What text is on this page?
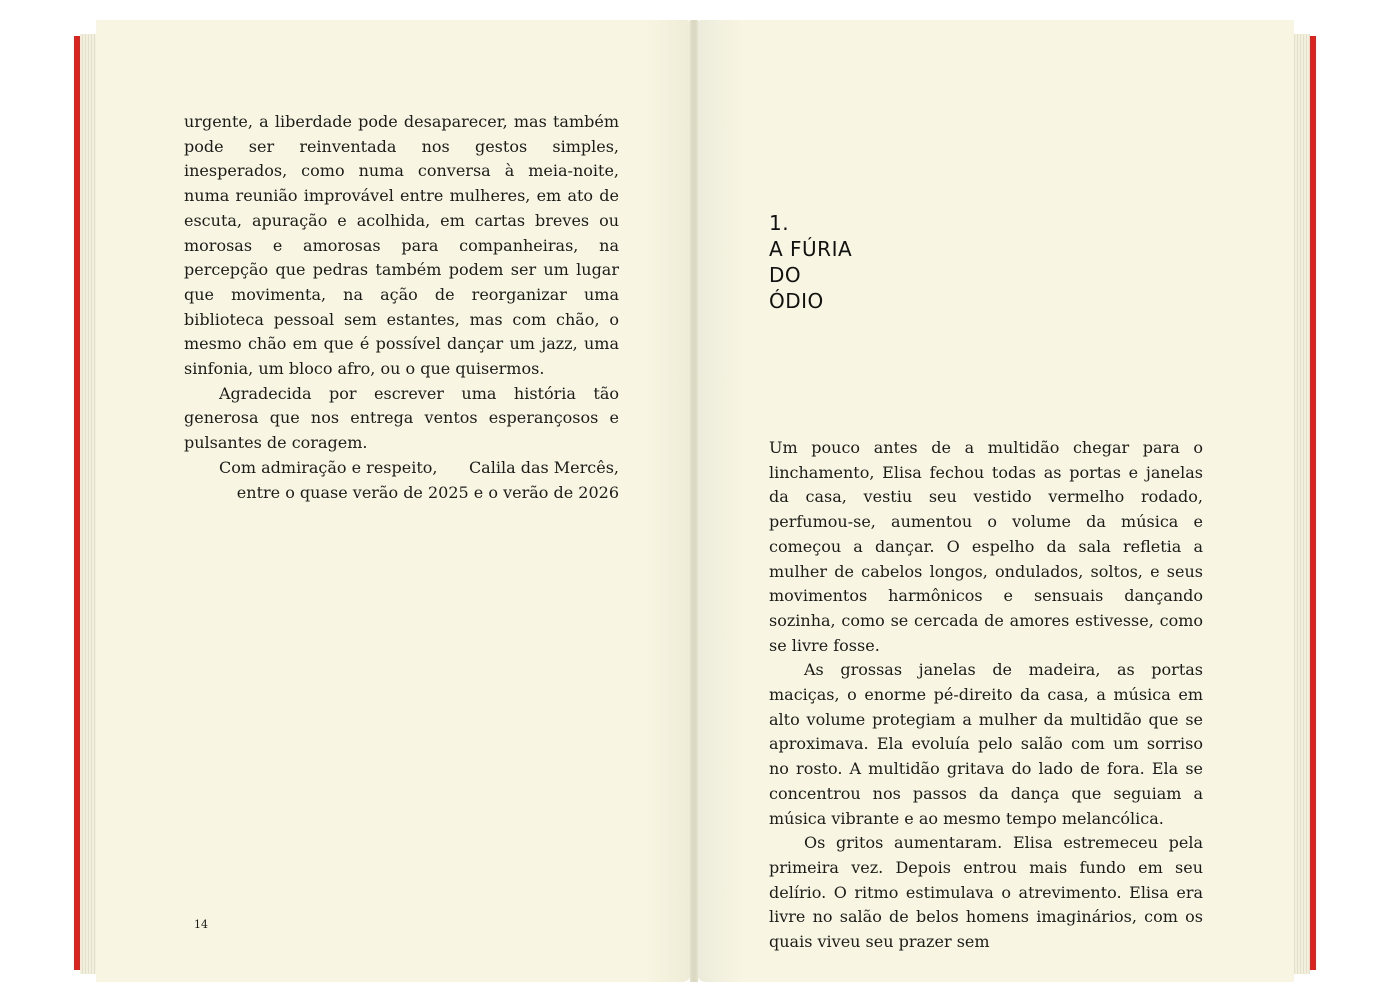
urgente, a liberdade pode desaparecer, mas também pode ser reinventada nos gestos simples, inesperados, como numa conversa à meia-noite, numa reunião improvável entre mulheres, em ato de escuta, apuração e acolhida, em cartas breves ou morosas e amorosas para companheiras, na percepção que pedras também podem ser um lugar que movimenta, na ação de reorganizar uma biblioteca pessoal sem estantes, mas com chão, o mesmo chão em que é possível dançar um jazz, uma sinfonia, um bloco afro, ou o que quisermos.

Agradecida por escrever uma história tão generosa que nos entrega ventos esperançosos e pulsantes de coragem.

Com admiração e respeito,	Calila das Mercês,

entre o quase verão de 2025 e o verão de 2026

14
1.
A FÚRIA
DO
ÓDIO

Um pouco antes de a multidão chegar para o linchamento, Elisa fechou todas as portas e janelas da casa, vestiu seu vestido vermelho rodado, perfumou-se, aumentou o volume da música e começou a dançar. O espelho da sala refletia a mulher de cabelos longos, ondulados, soltos, e seus movimentos harmônicos e sensuais dançando sozinha, como se cercada de amores estivesse, como se livre fosse.

As grossas janelas de madeira, as portas maciças, o enorme pé-direito da casa, a música em alto volume protegiam a mulher da multidão que se aproximava. Ela evoluía pelo salão com um sorriso no rosto. A multidão gritava do lado de fora. Ela se concentrou nos passos da dança que seguiam a música vibrante e ao mesmo tempo melancólica.

Os gritos aumentaram. Elisa estremeceu pela primeira vez. Depois entrou mais fundo em seu delírio. O ritmo estimulava o atrevimento. Elisa era livre no salão de belos homens imaginários, com os quais viveu seu prazer sem
